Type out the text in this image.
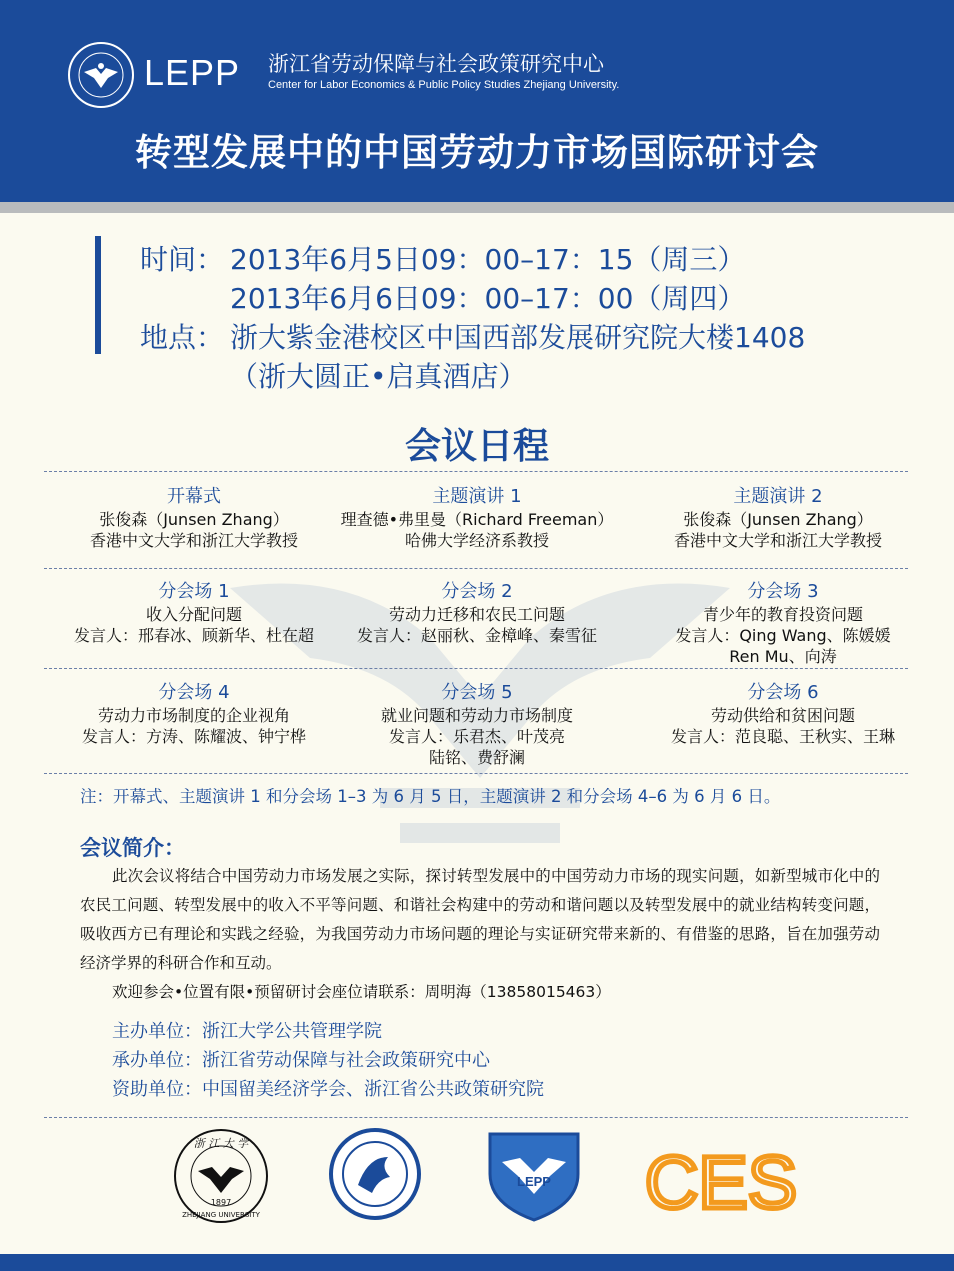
LEPP 浙江省劳动保障与社会政策研究中心
Center for Labor Economics & Public Policy Studies Zhejiang University.
转型发展中的中国劳动力市场国际研讨会
时间： 2013年6月5日09：00–17：15（周三）
2013年6月6日09：00–17：00（周四）
地点： 浙大紫金港校区中国西部发展研究院大楼1408
（浙大圆正•启真酒店）
会议日程
开幕式
张俊森（Junsen Zhang）
香港中文大学和浙江大学教授
主题演讲 1
理查德•弗里曼（Richard Freeman）
哈佛大学经济系教授
主题演讲 2
张俊森（Junsen Zhang）
香港中文大学和浙江大学教授
分会场 1
收入分配问题
发言人：邢春冰、顾新华、杜在超
分会场 2
劳动力迁移和农民工问题
发言人：赵丽秋、金樟峰、秦雪征
分会场 3
青少年的教育投资问题
发言人：Qing Wang、陈媛媛
Ren Mu、向涛
分会场 4
劳动力市场制度的企业视角
发言人：方涛、陈耀波、钟宁桦
分会场 5
就业问题和劳动力市场制度
发言人：乐君杰、叶茂亮
陆铭、费舒澜
分会场 6
劳动供给和贫困问题
发言人：范良聪、王秋实、王琳
注：开幕式、主题演讲 1 和分会场 1–3 为 6 月 5 日，主题演讲 2 和分会场 4–6 为 6 月 6 日。
会议简介：
此次会议将结合中国劳动力市场发展之实际，探讨转型发展中的中国劳动力市场的现实问题，如新型城市化中的农民工问题、转型发展中的收入不平等问题、和谐社会构建中的劳动和谐问题以及转型发展中的就业结构转变问题，吸收西方已有理论和实践之经验，为我国劳动力市场问题的理论与实证研究带来新的、有借鉴的思路，旨在加强劳动经济学界的科研合作和互动。
欢迎参会•位置有限•预留研讨会座位请联系：周明海（13858015463）
主办单位：浙江大学公共管理学院
承办单位：浙江省劳动保障与社会政策研究中心
资助单位：中国留美经济学会、浙江省公共政策研究院
浙 江 大 学
1897
ZHEJIANG UNIVERSITY
LEPP CES
